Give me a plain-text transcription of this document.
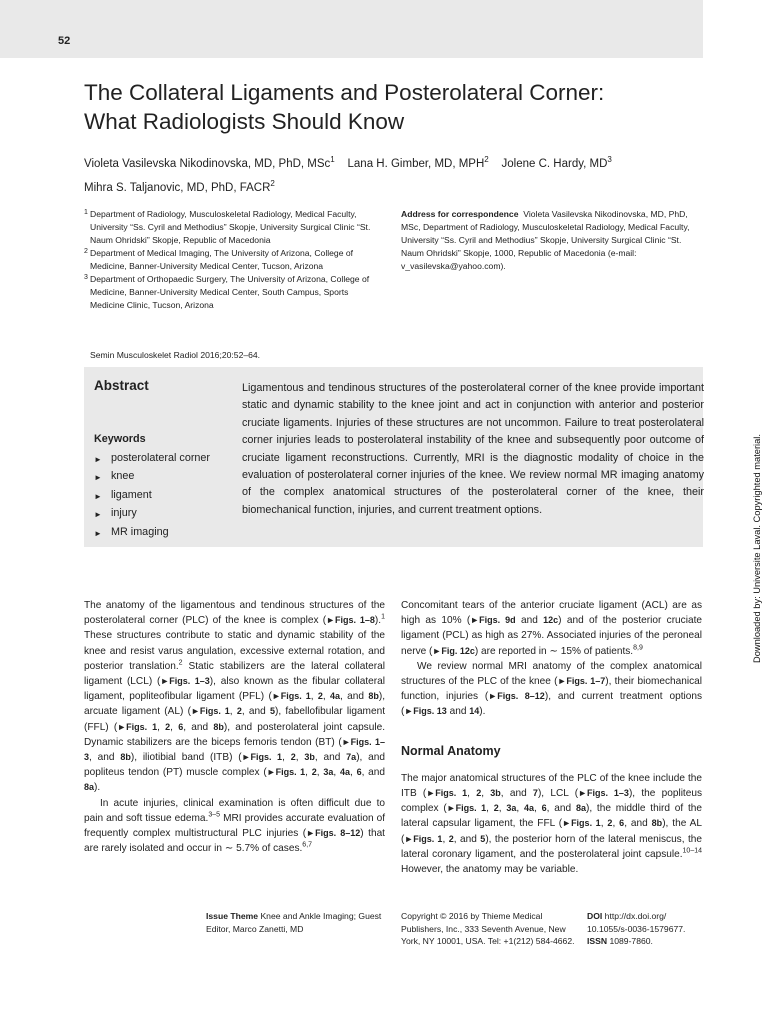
52
The Collateral Ligaments and Posterolateral Corner: What Radiologists Should Know
Violeta Vasilevska Nikodinovska, MD, PhD, MSc$^1$ Lana H. Gimber, MD, MPH$^2$ Jolene C. Hardy, $MD^3$
Mihra S. Taljanovic, MD, PhD, FACR$^2$
1 Department of Radiology, Musculoskeletal Radiology, Medical Faculty, University “Ss. Cyril and Methodius” Skopje, University Surgical Clinic “St. Naum Ohridski” Skopje, Republic of Macedonia
2 Department of Medical Imaging, The University of Arizona, College of Medicine, Banner-University Medical Center, Tucson, Arizona
3 Department of Orthopaedic Surgery, The University of Arizona, College of Medicine, Banner-University Medical Center, South Campus, Sports Medicine Clinic, Tucson, Arizona
Address for correspondence Violeta Vasilevska Nikodinovska, MD, PhD, MSc, Department of Radiology, Musculoskeletal Radiology, Medical Faculty, University “Ss. Cyril and Methodius” Skopje, University Surgical Clinic “St. Naum Ohridski” Skopje, 1000, Republic of Macedonia (e-mail: v_vasilevska@yahoo.com).
Semin Musculoskelet Radiol 2016;20:52–64.
Abstract
Keywords
► posterolateral corner
► knee
► ligament
► injury
► MR imaging

Ligamentous and tendinous structures of the posterolateral corner of the knee provide important static and dynamic stability to the knee joint and act in conjunction with anterior and posterior cruciate ligaments. Injuries of these structures are not uncommon. Failure to treat posterolateral corner injuries leads to posterolateral instability of the knee and subsequently poor outcome of cruciate ligament reconstructions. Currently, MRI is the diagnostic modality of choice in the evaluation of posterolateral corner injuries of the knee. We review normal MR imaging anatomy of the complex anatomical structures of the posterolateral corner of the knee, their biomechanical function, injuries, and current treatment options.	Downloaded by: Universite Laval. Copyrighted material.

The anatomy of the ligamentous and tendinous structures of the posterolateral corner (PLC) of the knee is complex (►Figs. 1–8).$^1$ These structures contribute to static and dynamic stability of the knee and resist varus angulation, excessive external rotation, and posterior translation.$^2$ Static stabilizers are the lateral collateral ligament (LCL) (►Figs. 1–3), also known as the fibular collateral ligament, popliteofibular ligament (PFL) (►Figs. 1, 2, 4a, and 8b), arcuate ligament (AL) (►Figs. 1, 2, and 5), fabellofibular ligament (FFL) (►Figs. 1, 2, 6, and 8b), and posterolateral joint capsule. Dynamic stabilizers are the biceps femoris tendon (BT) (►Figs. 1–3, and 8b), iliotibial band (ITB) (►Figs. 1, 2, 3b, and 7a), and popliteus tendon (PT) muscle complex (►Figs. 1, 2, 3a, 4a, 6, and 8a).

In acute injuries, clinical examination is often difficult due to pain and soft tissue edema.$^{3-5}$ MRI provides accurate evaluation of frequently complex multistructural PLC injuries (►Figs. 8–12) that are rarely isolated and occur in ∼ 5.7% of cases.$^{6,7}$

Concomitant tears of the anterior cruciate ligament (ACL) are as high as 10% (►Figs. 9d and 12c) and of the posterior cruciate ligament (PCL) as high as 27%. Associated injuries of the peroneal nerve (►Fig. 12c) are reported in ∼ 15% of patients.$^{8,9}$

We review normal MRI anatomy of the complex anatomical structures of the PLC of the knee (►Figs. 1–7), their biomechanical function, injuries (►Figs. 8–12), and current treatment options (►Figs. 13 and 14).

Normal Anatomy

The major anatomical structures of the PLC of the knee include the ITB (►Figs. 1, 2, 3b, and 7), LCL (►Figs. 1–3), the popliteus complex (►Figs. 1, 2, 3a, 4a, 6, and 8a), the middle third of the lateral capsular ligament, the FFL (►Figs. 1, 2, 6, and 8b), the AL (►Figs. 1, 2, and 5), the posterior horn of the lateral meniscus, the lateral coronary ligament, and the posterolateral joint capsule.$^{10-14}$ However, the anatomy may be variable.

Issue Theme Knee and Ankle Imaging; Guest Editor, Marco Zanetti, MD
Copyright © 2016 by Thieme Medical Publishers, Inc., 333 Seventh Avenue, New York, NY 10001, USA. Tel: +1(212) 584-4662.
DOI http://dx.doi.org/ 10.1055/s-0036-1579677.
ISSN 1089-7860.
